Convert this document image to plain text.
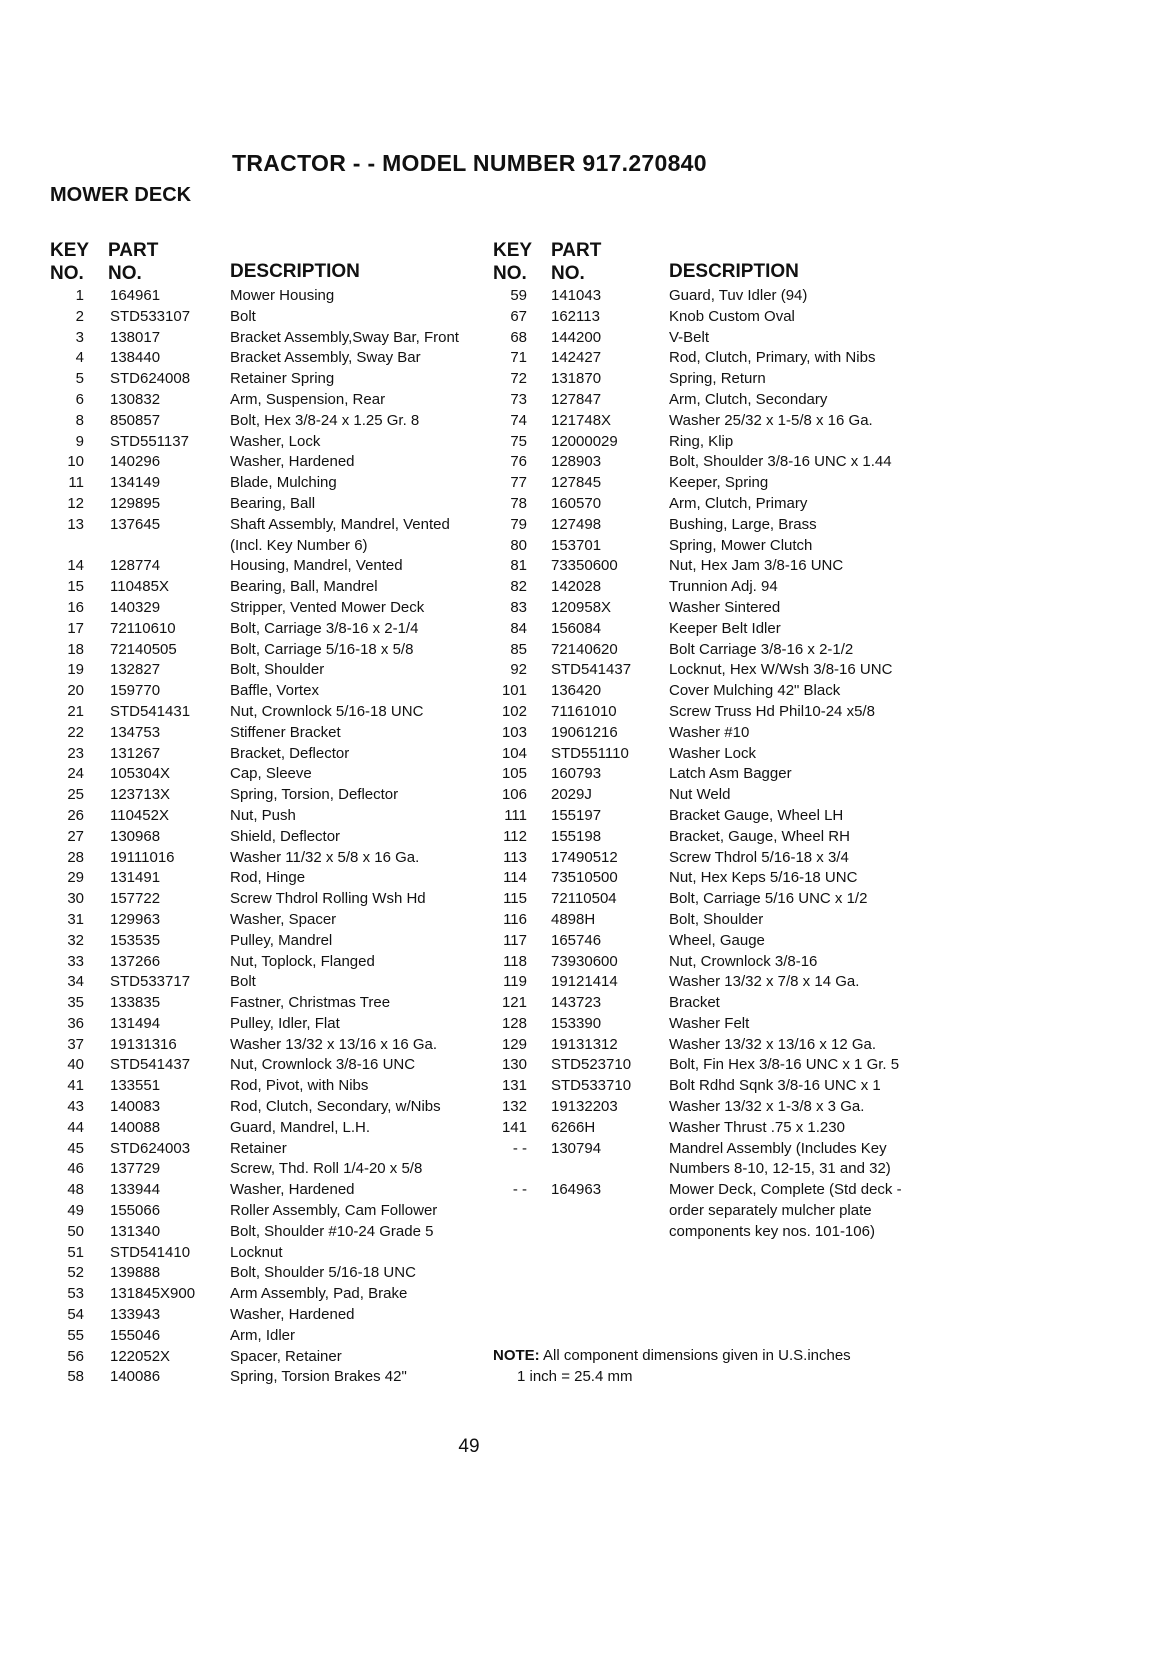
TRACTOR - - MODEL NUMBER 917.270840
MOWER DECK
KEY
NO.
PART
NO.	DESCRIPTION
1 164961	Mower Housing
2 STD533107	Bolt
3 138017	Bracket Assembly,Sway Bar, Front
4 138440	Bracket Assembly, Sway Bar
5 STD624008	Retainer Spring
6 130832	Arm, Suspension, Rear
8 850857	Bolt, Hex 3/8-24 x 1.25 Gr. 8
9 STD551137	Washer, Lock
10 140296	Washer, Hardened
11 134149	Blade, Mulching
12 129895	Bearing, Ball
13 137645	Shaft Assembly, Mandrel, Vented (Incl. Key Number 6)
14 128774	Housing, Mandrel, Vented
15 110485X	Bearing, Ball, Mandrel
16 140329	Stripper, Vented Mower Deck
17 72110610	Bolt, Carriage 3/8-16 x 2-1/4
18 72140505	Bolt, Carriage 5/16-18 x 5/8
19 132827	Bolt, Shoulder
20 159770	Baffle, Vortex
21 STD541431	Nut, Crownlock 5/16-18 UNC
22 134753	Stiffener Bracket
23 131267	Bracket, Deflector
24 105304X	Cap, Sleeve
25 123713X	Spring, Torsion, Deflector
26 110452X	Nut, Push
27 130968	Shield, Deflector
28 19111016	Washer 11/32 x 5/8 x 16 Ga.
29 131491	Rod, Hinge
30 157722	Screw Thdrol Rolling Wsh Hd
31 129963	Washer, Spacer
32 153535	Pulley, Mandrel
33 137266	Nut, Toplock, Flanged
34 STD533717	Bolt
35 133835	Fastner, Christmas Tree
36 131494	Pulley, Idler, Flat
37 19131316	Washer 13/32 x 13/16 x 16 Ga.
40 STD541437	Nut, Crownlock 3/8-16 UNC
41 133551	Rod, Pivot, with Nibs
43 140083	Rod, Clutch, Secondary, w/Nibs
44 140088	Guard, Mandrel, L.H.
45 STD624003	Retainer
46 137729	Screw, Thd. Roll 1/4-20 x 5/8
48 133944	Washer, Hardened
49 155066	Roller Assembly, Cam Follower
50 131340	Bolt, Shoulder #10-24 Grade 5
51 STD541410	Locknut
52 139888	Bolt, Shoulder 5/16-18 UNC
53 131845X900	Arm Assembly, Pad, Brake
54 133943	Washer, Hardened
55 155046	Arm, Idler
56 122052X	Spacer, Retainer
58 140086	Spring, Torsion Brakes 42"
KEY
NO.
PART
NO.	DESCRIPTION
59 141043	Guard, Tuv Idler (94)
67 162113	Knob Custom Oval
68 144200	V-Belt
71 142427	Rod, Clutch, Primary, with Nibs
72 131870	Spring, Return
73 127847	Arm, Clutch, Secondary
74 121748X	Washer 25/32 x 1-5/8 x 16 Ga.
75 12000029	Ring, Klip
76 128903	Bolt, Shoulder 3/8-16 UNC x 1.44
77 127845	Keeper, Spring
78 160570	Arm, Clutch, Primary
79 127498	Bushing, Large, Brass
80 153701	Spring, Mower Clutch
81 73350600	Nut, Hex Jam 3/8-16 UNC
82 142028	Trunnion Adj. 94
83 120958X	Washer Sintered
84 156084	Keeper Belt Idler
85 72140620	Bolt Carriage 3/8-16 x 2-1/2
92 STD541437	Locknut, Hex W/Wsh 3/8-16 UNC
101 136420	Cover Mulching 42" Black
102 71161010	Screw Truss Hd Phil10-24 x5/8
103 19061216	Washer #10
104 STD551110	Washer Lock
105 160793	Latch Asm Bagger
106 2029J	Nut Weld
111 155197	Bracket Gauge, Wheel LH
112 155198	Bracket, Gauge, Wheel RH
113 17490512	Screw Thdrol 5/16-18 x 3/4
114 73510500	Nut, Hex Keps 5/16-18 UNC
115 72110504	Bolt, Carriage 5/16 UNC x 1/2
116 4898H	Bolt, Shoulder
117 165746	Wheel, Gauge
118 73930600	Nut, Crownlock 3/8-16
119 19121414	Washer 13/32 x 7/8 x 14 Ga.
121 143723	Bracket
128 153390	Washer Felt
129 19131312	Washer 13/32 x 13/16 x 12 Ga.
130 STD523710	Bolt, Fin Hex 3/8-16 UNC x 1 Gr. 5
131 STD533710	Bolt Rdhd Sqnk 3/8-16 UNC x 1
132 19132203	Washer 13/32 x 1-3/8 x 3 Ga.
141 6266H	Washer Thrust .75 x 1.230
- - 130794	Mandrel Assembly (Includes Key Numbers 8-10, 12-15, 31 and 32)
- - 164963	Mower Deck, Complete (Std deck - order separately mulcher plate components key nos. 101-106)
NOTE: All component dimensions given in U.S.inches
1 inch = 25.4 mm
49
